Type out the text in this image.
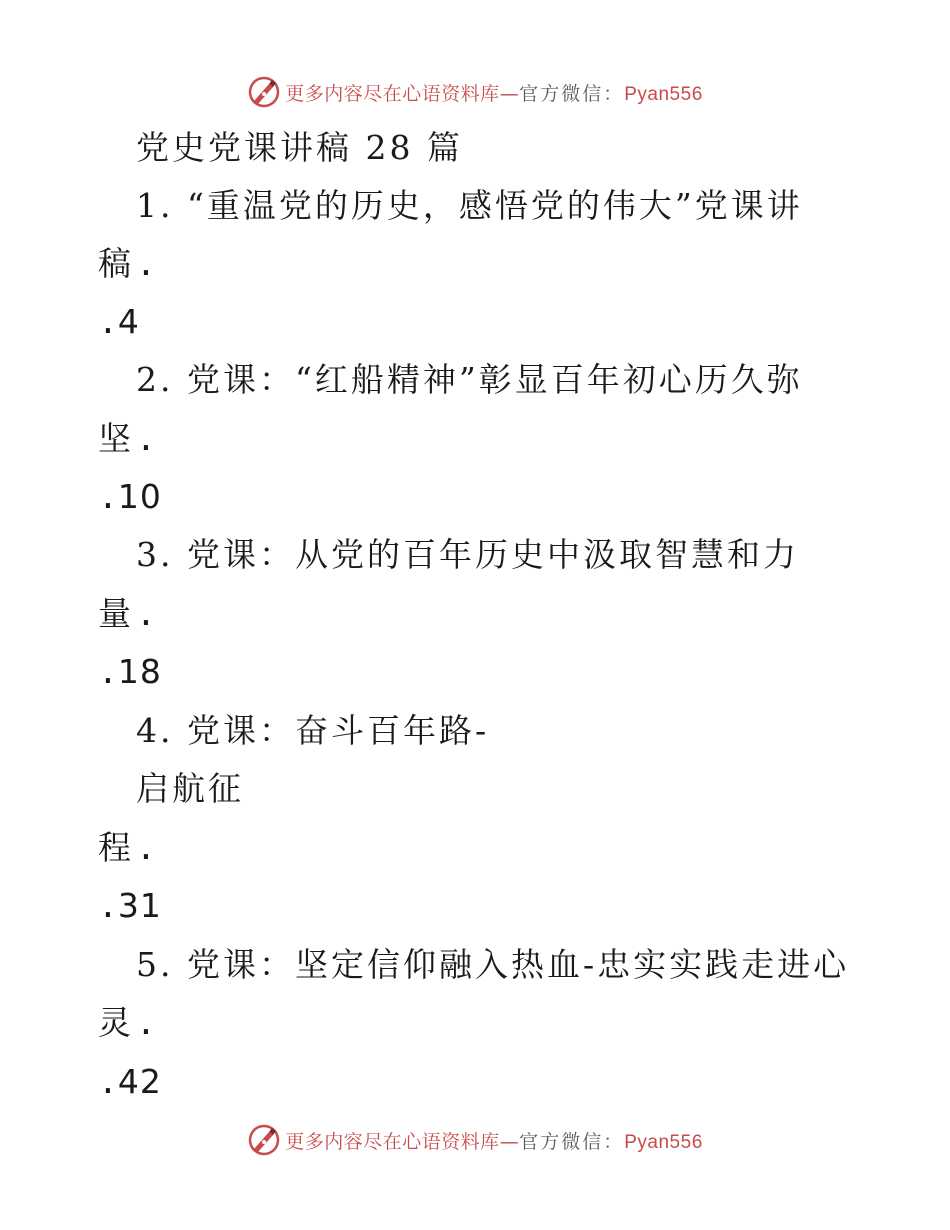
更多内容尽在心语资料库—官方微信：Pyan556
党史党课讲稿 28 篇
1. “重温党的历史，感悟党的伟大”党课讲
稿.
.4
2. 党课：“红船精神”彰显百年初心历久弥
坚.
.10
3. 党课：从党的百年历史中汲取智慧和力
量.
.18
4. 党课：奋斗百年路-
启航征
程.
.31
5. 党课：坚定信仰融入热血-忠实实践走进心
灵.
.42
更多内容尽在心语资料库—官方微信：Pyan556
